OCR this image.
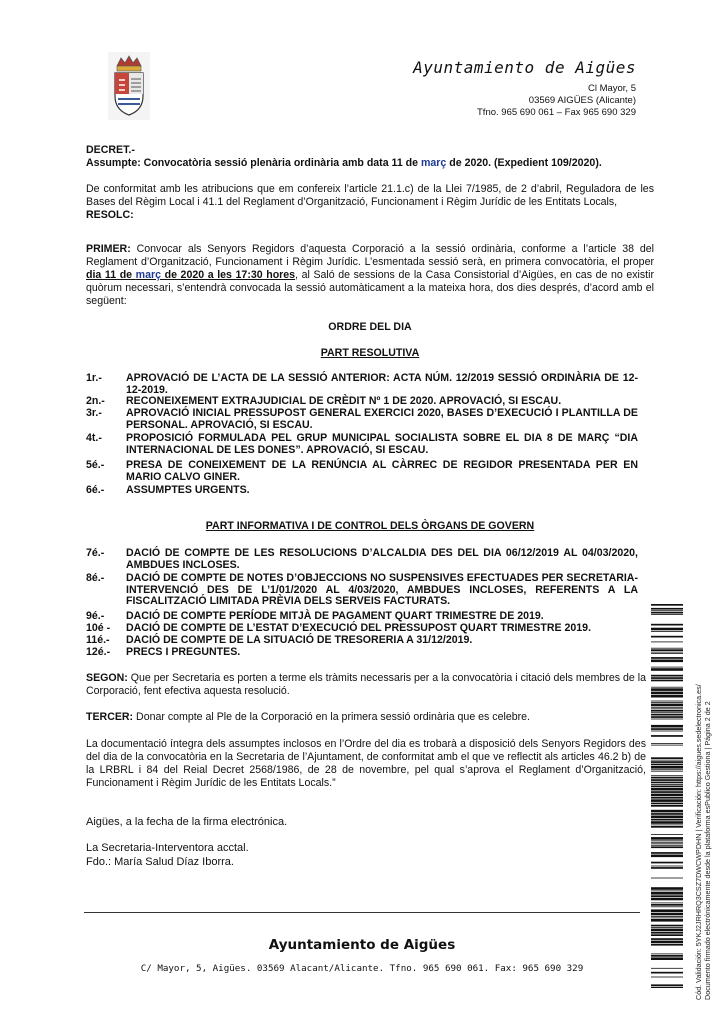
Ayuntamiento de Aigües
Cl Mayor, 5
03569 AIGÜES (Alicante)
Tfno. 965 690 061 – Fax 965 690 329
DECRET.-
Assumpte: Convocatòria sessió plenària ordinària amb data 11 de març de 2020. (Expedient 109/2020).
De conformitat amb les atribucions que em confereix l’article 21.1.c) de la Llei 7/1985, de 2 d’abril, Reguladora de les Bases del Règim Local i 41.1 del Reglament d’Organització, Funcionament i Règim Jurídic de les Entitats Locals,
RESOLC:
PRIMER: Convocar als Senyors Regidors d’aquesta Corporació a la sessió ordinària, conforme a l’article 38 del Reglament d’Organització, Funcionament i Règim Jurídic. L’esmentada sessió serà, en primera convocatòria, el proper dia 11 de març de 2020 a les 17:30 hores, al Saló de sessions de la Casa Consistorial d’Aigües, en cas de no existir quòrum necessari, s’entendrà convocada la sessió automàticament a la mateixa hora, dos dies després, d’acord amb el següent:
ORDRE DEL DIA
PART RESOLUTIVA
1r.-	APROVACIÓ DE L’ACTA DE LA SESSIÓ ANTERIOR: ACTA NÚM. 12/2019 SESSIÓ ORDINÀRIA DE 12-12-2019.
2n.-	RECONEIXEMENT EXTRAJUDICIAL DE CRÈDIT Nº 1 DE 2020. APROVACIÓ, SI ESCAU.
3r.-	APROVACIÓ INICIAL PRESSUPOST GENERAL EXERCICI 2020, BASES D’EXECUCIÓ I PLANTILLA DE PERSONAL. APROVACIÓ, SI ESCAU.
4t.-	PROPOSICIÓ FORMULADA PEL GRUP MUNICIPAL SOCIALISTA SOBRE EL DIA 8 DE MARÇ “DIA INTERNACIONAL DE LES DONES”. APROVACIÓ, SI ESCAU.
5é.-	PRESA DE CONEIXEMENT DE LA RENÚNCIA AL CÀRREC DE REGIDOR PRESENTADA PER EN MARIO CALVO GINER.
6é.-	ASSUMPTES URGENTS.
PART INFORMATIVA I DE CONTROL DELS ÒRGANS DE GOVERN
7é.-	DACIÓ DE COMPTE DE LES RESOLUCIONS D’ALCALDIA DES DEL DIA 06/12/2019 AL 04/03/2020, AMBDUES INCLOSES.
8é.-	DACIÓ DE COMPTE DE NOTES D’OBJECCIONS NO SUSPENSIVES EFECTUADES PER SECRETARIA-INTERVENCIÓ DES DE L’1/01/2020 AL 4/03/2020, AMBDUES INCLOSES, REFERENTS A LA FISCALITZACIÓ LIMITADA PRÈVIA DELS SERVEIS FACTURATS.
9é.-	DACIÓ DE COMPTE PERÍODE MITJÀ DE PAGAMENT QUART TRIMESTRE DE 2019.
10é -	DACIÓ DE COMPTE DE L’ESTAT D’EXECUCIÓ DEL PRESSUPOST QUART TRIMESTRE 2019.
11é.-	DACIÓ DE COMPTE DE LA SITUACIÓ DE TRESORERIA A 31/12/2019.
12é.-	PRECS I PREGUNTES.
SEGON: Que per Secretaria es porten a terme els tràmits necessaris per a la convocatòria i citació dels membres de la Corporació, fent efectiva aquesta resolució.
TERCER: Donar compte al Ple de la Corporació en la primera sessió ordinària que es celebre.
La documentació íntegra dels assumptes inclosos en l’Ordre del dia es trobarà a disposició dels Senyors Regidors des del dia de la convocatòria en la Secretaria de l’Ajuntament, de conformitat amb el que ve reflectit als articles 46.2 b) de la LRBRL i 84 del Reial Decret 2568/1986, de 28 de novembre, pel qual s’aprova el Reglament d’Organització, Funcionament i Règim Jurídic de les Entitats Locals.”
Aigües, a la fecha de la firma electrónica.
La Secretaria-Interventora acctal.
Fdo.: María Salud Díaz Iborra.
Ayuntamiento de Aigües
C/ Mayor, 5, Aigües. 03569 Alacant/Alicante. Tfno. 965 690 061. Fax: 965 690 329	Cód. Validación: 5YKJ2JRHRQ3CSZ7DWCWPDHN | Verificación: https://aigues.sedelectronica.es/ Documento firmado electrónicamente desde la plataforma esPublico Gestiona | Página 2 de 2
